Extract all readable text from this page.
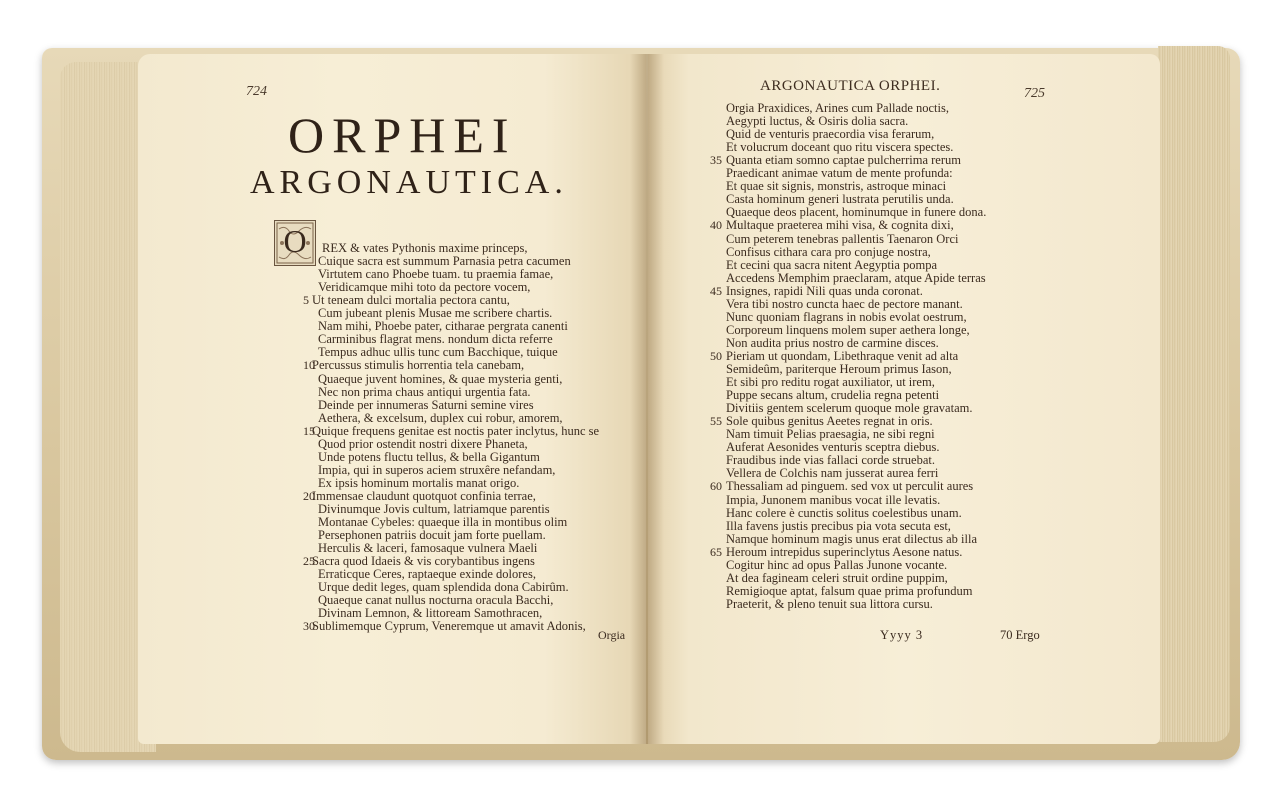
724
ORPHEI
ARGONAUTICA.
O	REX & vates Pythonis maxime princeps,
Cuique sacra est summum Parnasia petra cacumen
Virtutem cano Phoebe tuam. tu praemia famae,
Veridicamque mihi toto da pectore vocem,
Ut teneam dulci mortalia pectora cantu,
Cum jubeant plenis Musae me scribere chartis.
Nam mihi, Phoebe pater, citharae pergrata canenti
Carminibus flagrat mens. nondum dicta referre
Tempus adhuc ullis tunc cum Bacchique, tuique
Percussus stimulis horrentia tela canebam,
Quaeque juvent homines, & quae mysteria genti,
Nec non prima chaus antiqui urgentia fata.
Deinde per innumeras Saturni semine vires
Aethera, & excelsum, duplex cui robur, amorem,
Quique frequens genitae est noctis pater inclytus, hunc se
Quod prior ostendit nostri dixere Phaneta,
Unde potens fluctu tellus, & bella Gigantum
Impia, qui in superos aciem struxêre nefandam,
Ex ipsis hominum mortalis manat origo.
Immensae claudunt quotquot confinia terrae,
Divinumque Jovis cultum, latriamque parentis
Montanae Cybeles: quaeque illa in montibus olim
Persephonen patriis docuit jam forte puellam.
Herculis & laceri, famosaque vulnera Maeli
Sacra quod Idaeis & vis corybantibus ingens
Erraticque Ceres, raptaeque exinde dolores,
Urque dedit leges, quam splendida dona Cabirûm.
Quaeque canat nullus nocturna oracula Bacchi,
Divinam Lemnon, & littoream Samothracen,
Sublimemque Cyprum, Veneremque ut amavit Adonis,
5
10
15
20
25
30
Orgia
ARGONAUTICA ORPHEI.	725
Orgia Praxidices, Arines cum Pallade noctis,
Aegypti luctus, & Osiris dolia sacra.
Quid de venturis praecordia visa ferarum,
Et volucrum doceant quo ritu viscera spectes.
Quanta etiam somno captae pulcherrima rerum
Praedicant animae vatum de mente profunda:
Et quae sit signis, monstris, astroque minaci
Casta hominum generi lustrata perutilis unda.
Quaeque deos placent, hominumque in funere dona.
Multaque praeterea mihi visa, & cognita dixi,
Cum peterem tenebras pallentis Taenaron Orci
Confisus cithara cara pro conjuge nostra,
Et cecini qua sacra nitent Aegyptia pompa
Accedens Memphim praeclaram, atque Apide terras
Insignes, rapidi Nili quas unda coronat.
Vera tibi nostro cuncta haec de pectore manant.
Nunc quoniam flagrans in nobis evolat oestrum,
Corporeum linquens molem super aethera longe,
Non audita prius nostro de carmine disces.
Pieriam ut quondam, Libethraque venit ad alta
Semideûm, pariterque Heroum primus Iason,
Et sibi pro reditu rogat auxiliator, ut irem,
Puppe secans altum, crudelia regna petenti
Divitiis gentem scelerum quoque mole gravatam.
Sole quibus genitus Aeetes regnat in oris.
Nam timuit Pelias praesagia, ne sibi regni
Auferat Aesonides venturis sceptra diebus.
Fraudibus inde vias fallaci corde struebat.
Vellera de Colchis nam jusserat aurea ferri
Thessaliam ad pinguem. sed vox ut perculit aures
Impia, Junonem manibus vocat ille levatis.
Hanc colere è cunctis solitus coelestibus unam.
Illa favens justis precibus pia vota secuta est,
Namque hominum magis unus erat dilectus ab illa
Heroum intrepidus superinclytus Aesone natus.
Cogitur hinc ad opus Pallas Junone vocante.
At dea fagineam celeri struit ordine puppim,
Remigioque aptat, falsum quae prima profundum
Praeterit, & pleno tenuit sua littora cursu.
35
40
45
50
55
60
65
Yyyy 3	70 Ergo
